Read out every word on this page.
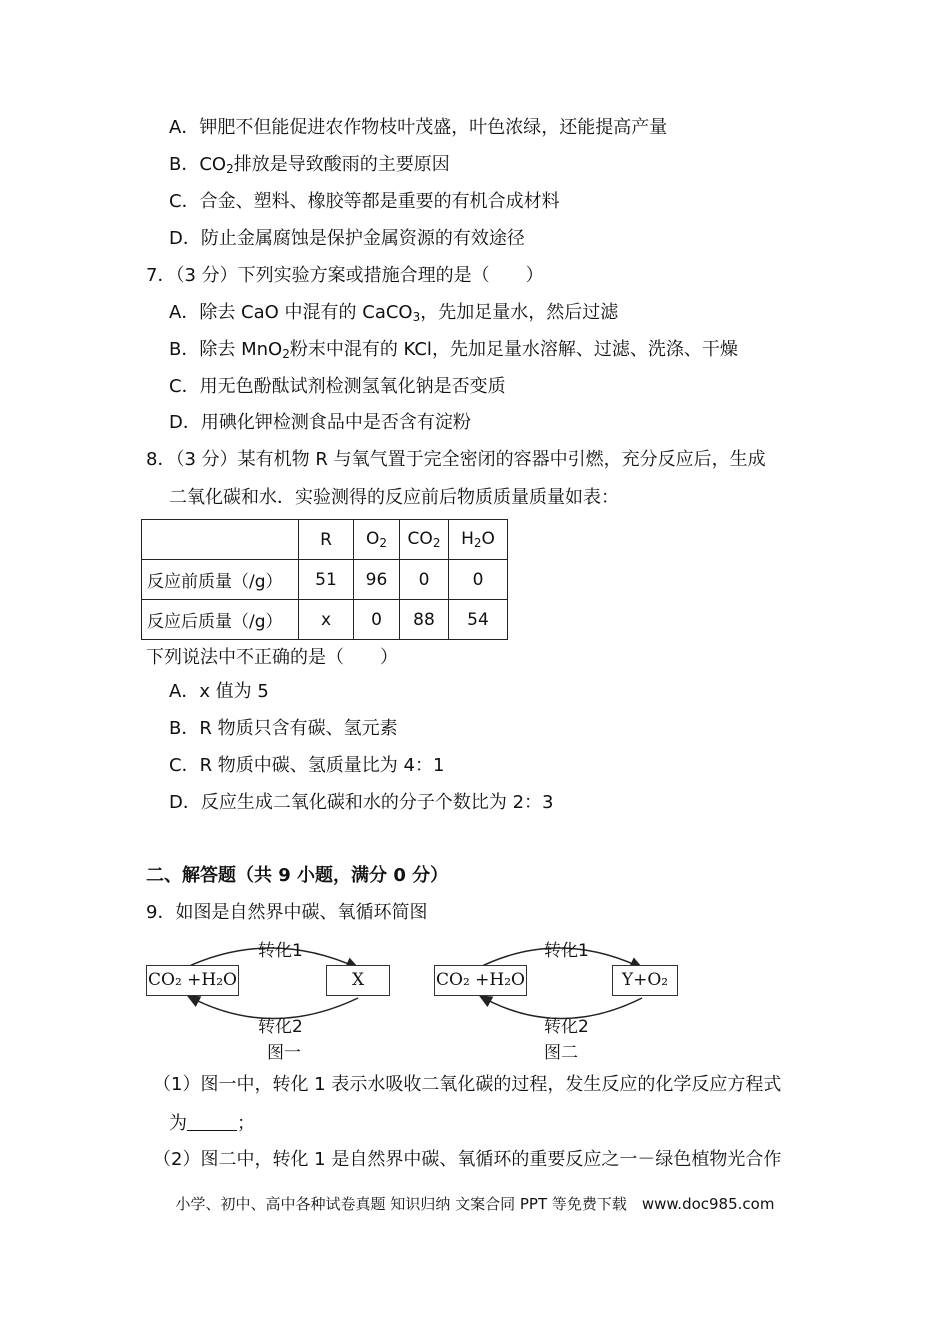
A．钾肥不但能促进农作物枝叶茂盛，叶色浓绿，还能提高产量
B．$CO_2$排放是导致酸雨的主要原因
C．合金、塑料、橡胶等都是重要的有机合成材料
D．防止金属腐蚀是保护金属资源的有效途径
7．（3 分）下列实验方案或措施合理的是（　　）
A．除去 CaO 中混有的 CaCO$_3$，先加足量水，然后过滤
B．除去 MnO$_2$粉末中混有的 KCl，先加足量水溶解、过滤、洗涤、干燥
C．用无色酚酞试剂检测氢氧化钠是否变质
D．用碘化钾检测食品中是否含有淀粉
8．（3 分）某有机物 R 与氧气置于完全密闭的容器中引燃，充分反应后，生成
二氧化碳和水．实验测得的反应前后物质质量质量如表：
	R	$O_2$	$CO_2$	$H_2O$
反应前质量（/g）	51	96	0	0
反应后质量（/g）	x	0	88	54
下列说法中不正确的是（　　）
A．x 值为 5
B．R 物质只含有碳、氢元素
C．R 物质中碳、氢质量比为 4：1
D．反应生成二氧化碳和水的分子个数比为 2：3
二、解答题（共 9 小题，满分 0 分）
9．如图是自然界中碳、氧循环简图
转化1
CO₂ +H₂O	X
转化2
图一
转化1
CO₂ +H₂O	Y+O₂
转化2
图二
（1）图一中，转化 1 表示水吸收二氧化碳的过程，发生反应的化学反应方程式
为	；
（2）图二中，转化 1 是自然界中碳、氧循环的重要反应之一－绿色植物光合作
小学、初中、高中各种试卷真题 知识归纳 文案合同 PPT 等免费下载　www.doc985.com
